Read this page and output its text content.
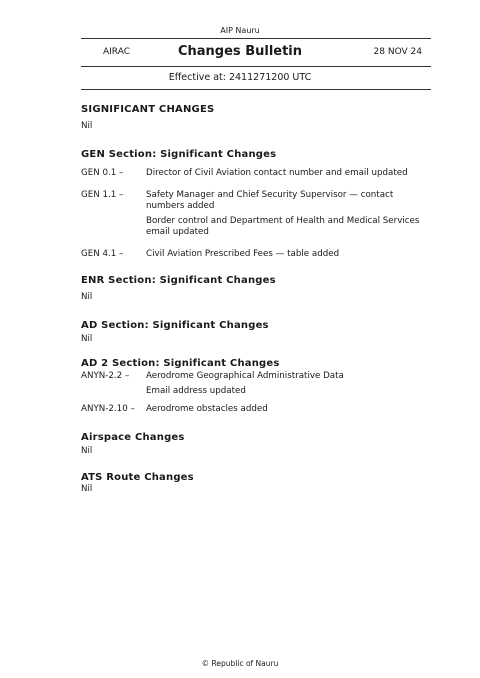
AIP Nauru
AIRAC	Changes Bulletin	28 NOV 24
Effective at: 2411271200 UTC
SIGNIFICANT CHANGES
Nil
GEN Section: Significant Changes
GEN 0.1 –	Director of Civil Aviation contact number and email updated
GEN 1.1 –	Safety Manager and Chief Security Supervisor — contact numbers added
Border control and Department of Health and Medical Services email updated
GEN 4.1 –	Civil Aviation Prescribed Fees — table added
ENR Section: Significant Changes
Nil
AD Section: Significant Changes
Nil
AD 2 Section: Significant Changes
ANYN-2.2 –	Aerodrome Geographical Administrative Data
Email address updated
ANYN-2.10 –	Aerodrome obstacles added
Airspace Changes
Nil
ATS Route Changes
Nil
© Republic of Nauru
